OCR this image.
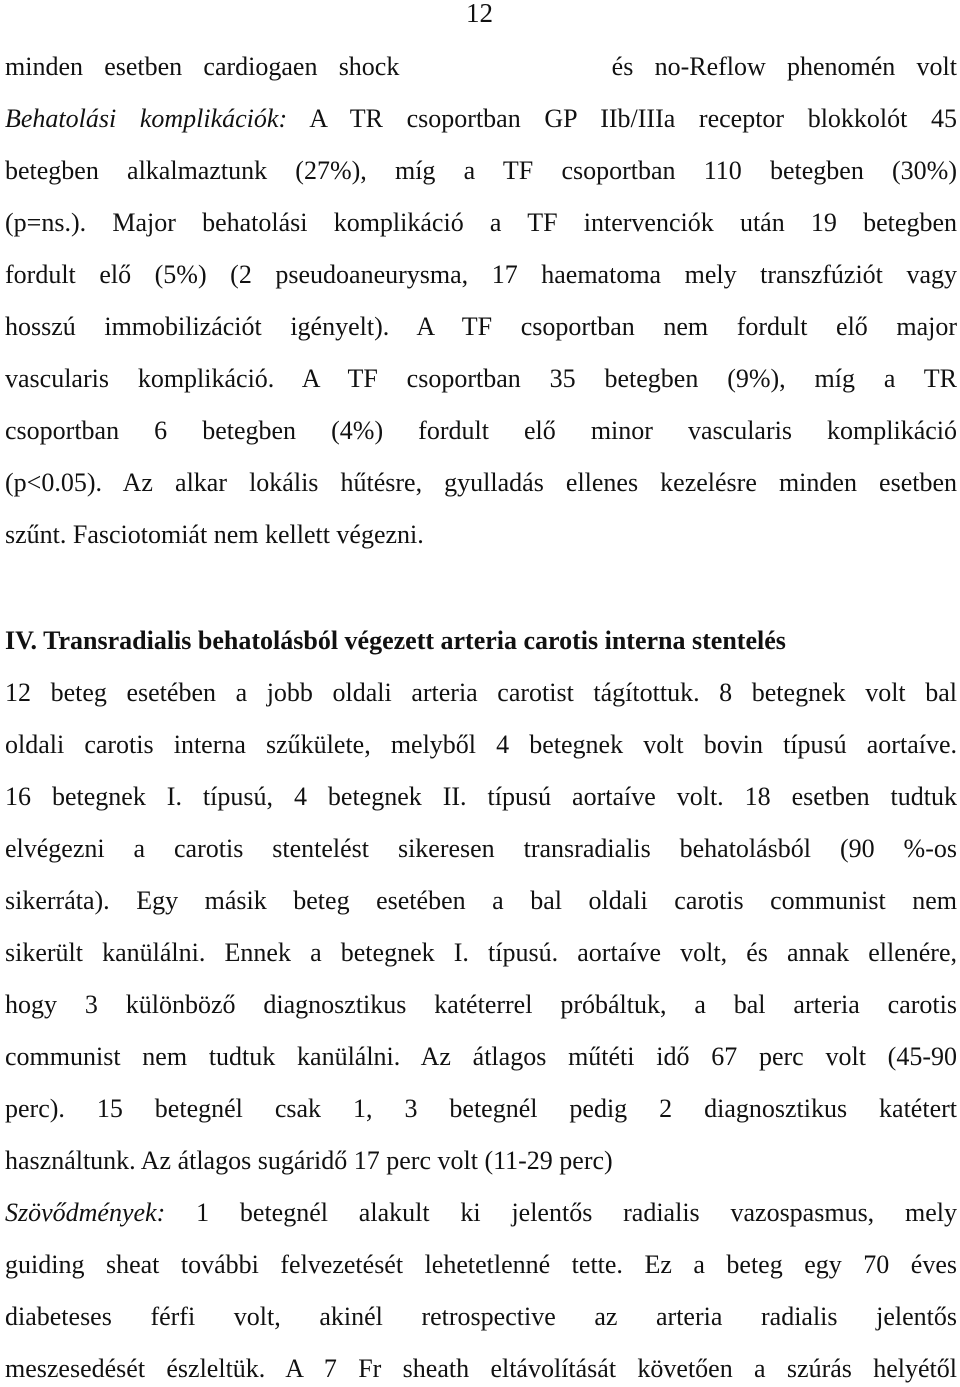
12
minden esetben cardiogaen shock          és no-Reflow phenomén volt
Behatolási komplikációk: A TR csoportban GP IIb/IIIa receptor blokkolót 45
betegben alkalmaztunk (27%), míg a TF csoportban 110 betegben (30%)
(p=ns.). Major behatolási komplikáció a TF intervenciók után 19 betegben
fordult elő (5%) (2 pseudoaneurysma, 17 haematoma mely transzfúziót vagy
hosszú immobilizációt igényelt). A TF csoportban nem fordult elő major
vascularis komplikáció. A TF csoportban 35 betegben (9%), míg a TR
csoportban 6 betegben (4%) fordult elő minor vascularis komplikáció
(p<0.05). Az alkar lokális hűtésre, gyulladás ellenes kezelésre minden esetben
szűnt. Fasciotomiát nem kellett végezni.
IV. Transradialis behatolásból végezett arteria carotis interna stentelés
12 beteg esetében a jobb oldali arteria carotist tágítottuk. 8 betegnek volt bal
oldali carotis interna szűkülete, melyből 4 betegnek volt bovin típusú aortaíve.
16 betegnek I. típusú, 4 betegnek II. típusú aortaíve volt. 18 esetben tudtuk
elvégezni a carotis stentelést sikeresen transradialis behatolásból (90 %-os
sikerráta). Egy másik beteg esetében a bal oldali carotis communist nem
sikerült kanülálni. Ennek a betegnek I. típusú. aortaíve volt, és annak ellenére,
hogy 3 különböző diagnosztikus katéterrel próbáltuk, a bal arteria carotis
communist nem tudtuk kanülálni. Az átlagos műtéti idő 67 perc volt (45-90
perc). 15 betegnél csak 1, 3 betegnél pedig 2 diagnosztikus katétert
használtunk. Az átlagos sugáridő 17 perc volt (11-29 perc)
Szövődmények: 1 betegnél alakult ki jelentős radialis vazospasmus, mely
guiding sheat további felvezetését lehetetlenné tette. Ez a beteg egy 70 éves
diabeteses férfi volt, akinél retrospective az arteria radialis jelentős
meszesedését észleltük. A 7 Fr sheath eltávolítását követően a szúrás helyétől
